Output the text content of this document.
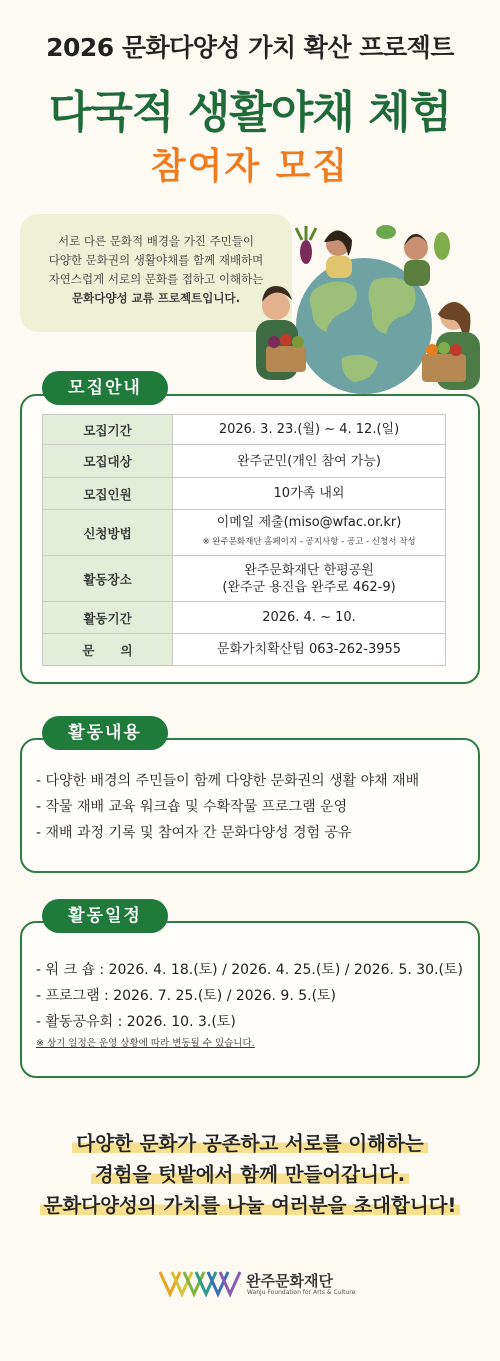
2026 문화다양성 가치 확산 프로젝트
다국적 생활야채 체험
참여자 모집
서로 다른 문화적 배경을 가진 주민들이
다양한 문화권의 생활야채를 함께 재배하며
자연스럽게 서로의 문화를 접하고 이해하는
문화다양성 교류 프로젝트입니다.
모집안내
모집기간	2026. 3. 23.(월) ~ 4. 12.(일)
모집대상	완주군민(개인 참여 가능)
모집인원	10가족 내외
신청방법	이메일 제출(miso@wfac.or.kr)
※ 완주문화재단 홈페이지 - 공지사항 - 공고 - 신청서 작성

활동장소	완주문화재단 한평공원
(완주군 용진읍 완주로 462-9)

활동기간	2026. 4. ~ 10.
문      의	문화가치확산팀 063-262-3955
- 다양한 배경의 주민들이 함께 다양한 문화권의 생활 야채 재배
- 작물 재배 교육 워크숍 및 수확작물 프로그램 운영
- 재배 과정 기록 및 참여자 간 문화다양성 경험 공유
활동내용
- 워 크 숍 : 2026. 4. 18.(토) / 2026. 4. 25.(토) / 2026. 5. 30.(토)
- 프로그램 : 2026. 7. 25.(토) / 2026. 9. 5.(토)
- 활동공유회 : 2026. 10. 3.(토)
※ 상기 일정은 운영 상황에 따라 변동될 수 있습니다.
활동일정
다양한 문화가 공존하고 서로를 이해하는
경험을 텃밭에서 함께 만들어갑니다.
문화다양성의 가치를 나눌 여러분을 초대합니다!
완주문화재단
Wanju Foundation for Arts & Culture
